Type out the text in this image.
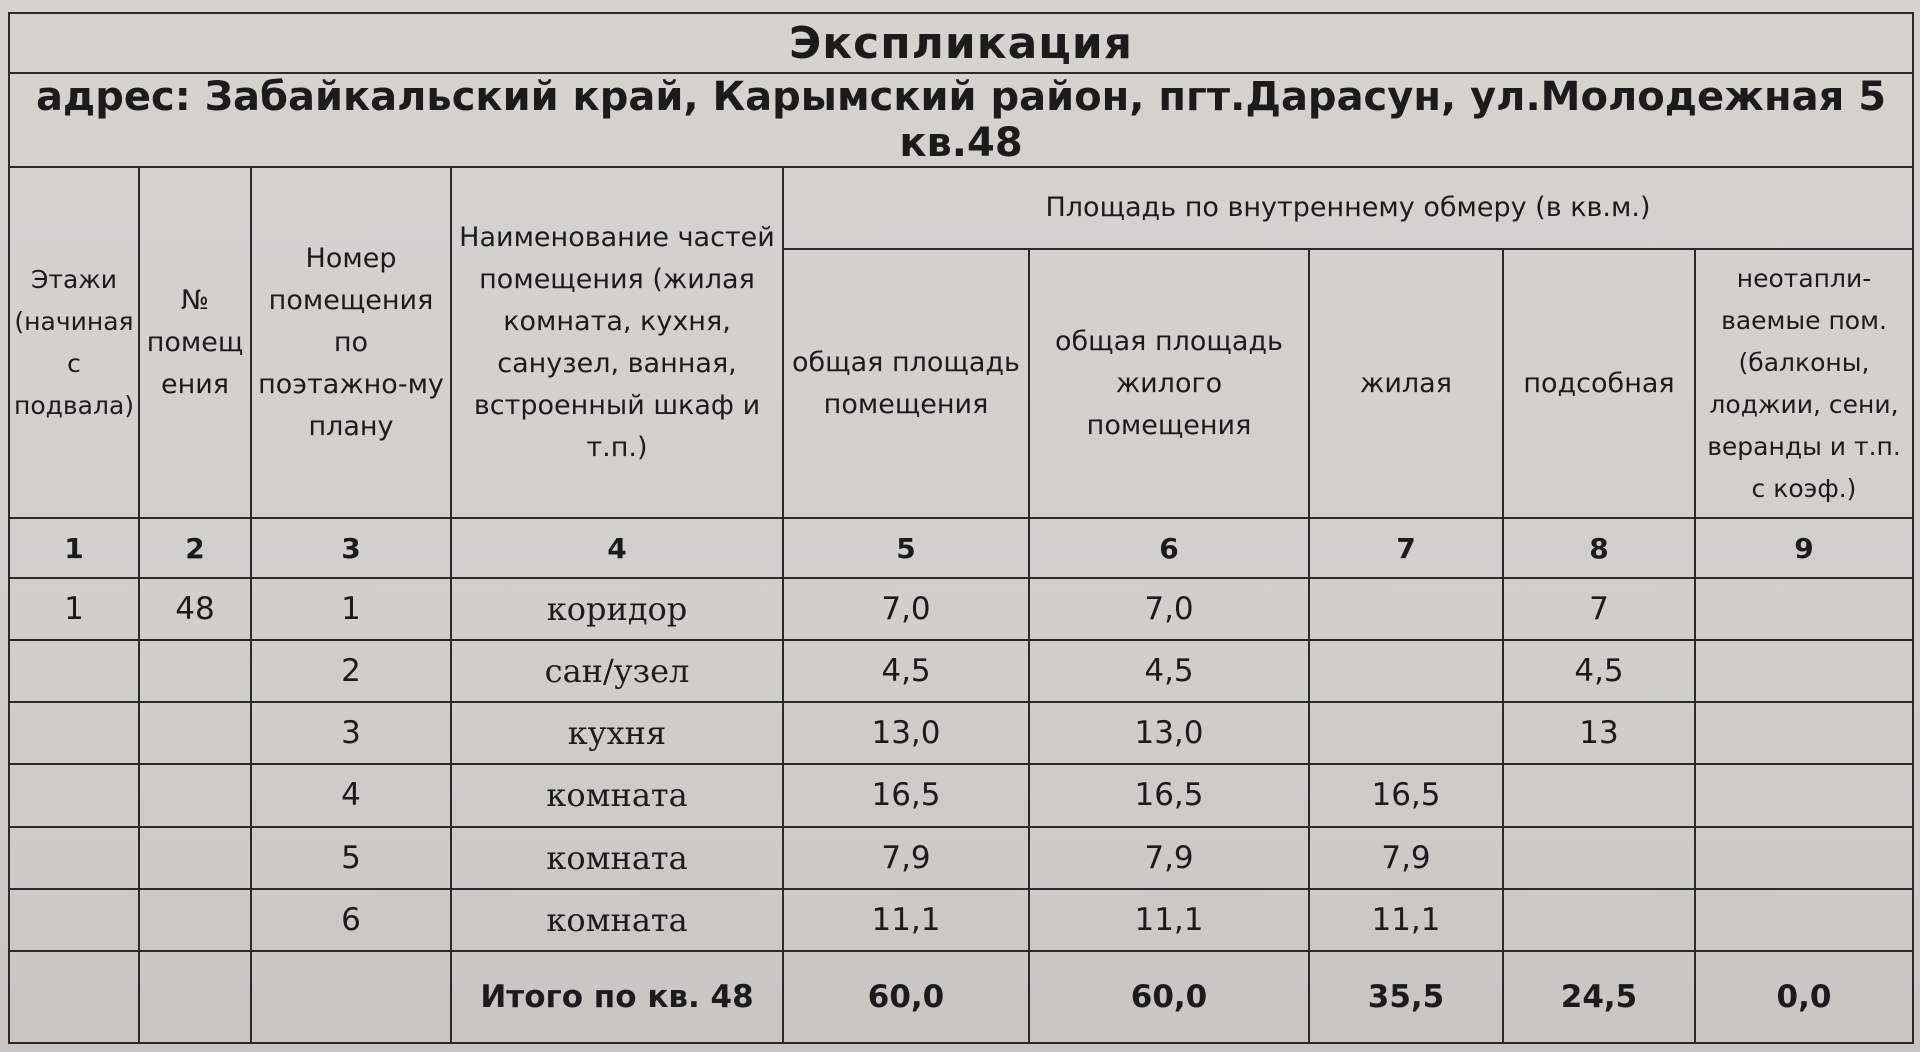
Экспликация								
адрес: Забайкальский край, Карымский район, пгт.Дарасун, ул.Молодежная 5 кв.48								
Этажи (начиная с подвала)	№ помещ ения	Номер помещения по поэтажно-му плану	Наименование частей помещения (жилая комната, кухня, санузел, ванная, встроенный шкаф и т.п.)	Площадь по внутреннему обмеру (в кв.м.)				
				общая площадь помещения	общая площадь жилого помещения	жилая	подсобная	неотапли-ваемые пом. (балконы, лоджии, сени, веранды и т.п. с коэф.)
1	2	3	4	5	6	7	8	9
1	48	1	коридор	7,0	7,0		7	
		2	сан/узел	4,5	4,5		4,5	
		3	кухня	13,0	13,0		13	
		4	комната	16,5	16,5	16,5		
		5	комната	7,9	7,9	7,9		
		6	комната	11,1	11,1	11,1		
			Итого по кв. 48	60,0	60,0	35,5	24,5	0,0
